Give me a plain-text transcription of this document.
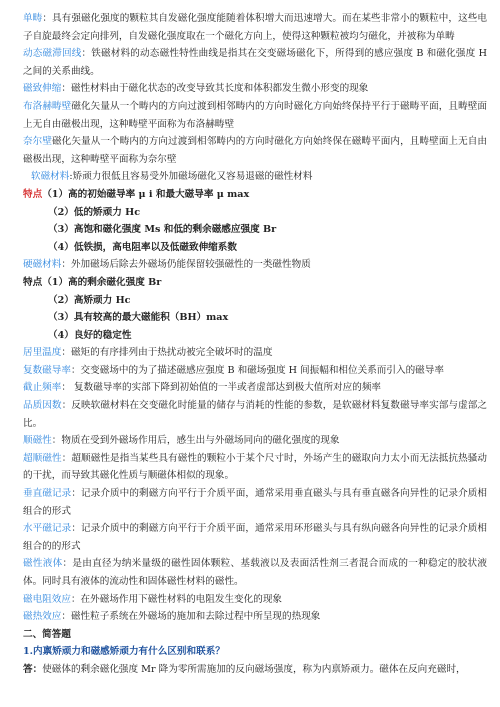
单畴：具有强磁化强度的颗粒其自发磁化强度能随着体积增大而迅速增大。而在某些非常小的颗粒中，这些电子自旋最终会定向排列，自发磁化强度取在一个磁化方向上，使得这种颗粒被均匀磁化，并被称为单畴

动态磁滞回线：铁磁材料的动态磁性特性曲线是指其在交变磁场磁化下，所得到的感应强度 B 和磁化强度 H 之间的关系曲线。

磁致伸缩：磁性材料由于磁化状态的改变导致其长度和体积都发生微小形变的现象

布洛赫畴壁磁化矢量从一个畴内的方向过渡到相邻畴内的方向时磁化方向始终保持平行于磁畴平面，且畴壁面上无自由磁极出现，这种畴壁平面称为布洛赫畴壁

奈尔壁磁化矢量从一个畴内的方向过渡到相邻畴内的方向时磁化方向始终保在磁畴平面内，且畴壁面上无自由磁极出现，这种畴壁平面称为奈尔壁

软磁材料:矫顽力很低且容易受外加磁场磁化又容易退磁的磁性材料

特点（1）高的初始磁导率 μ i 和最大磁导率 μ max

（2）低的矫顽力 Hc

（3）高饱和磁化强度 Ms 和低的剩余磁感应强度 Br

（4）低铁损，高电阻率以及低磁致伸缩系数

硬磁材料：外加磁场后除去外磁场仍能保留较强磁性的一类磁性物质

特点（1）高的剩余磁化强度 Br

（2）高矫顽力 Hc

（3）具有较高的最大磁能积（BH）max

（4）良好的稳定性

居里温度：磁矩的有序排列由于热扰动被完全破坏时的温度

复数磁导率：交变磁场中的为了描述磁感应强度 B 和磁场强度 H 间振幅和相位关系而引入的磁导率

截止频率： 复数磁导率的实部下降到初始值的一半或者虚部达到极大值所对应的频率

品质因数：反映软磁材料在交变磁化时能量的储存与消耗的性能的参数，是软磁材料复数磁导率实部与虚部之比。

顺磁性：物质在受到外磁场作用后，感生出与外磁场同向的磁化强度的现象

超顺磁性：超顺磁性是指当某些具有磁性的颗粒小于某个尺寸时，外场产生的磁取向力太小而无法抵抗热骚动的干扰，而导致其磁化性质与顺磁体相似的现象。

垂直磁记录：记录介质中的剩磁方向平行于介质平面，通常采用垂直磁头与具有垂直磁各向异性的记录介质相组合的形式

水平磁记录：记录介质中的剩磁方向平行于介质平面，通常采用环形磁头与具有纵向磁各向异性的记录介质相组合的的形式

磁性液体：是由直径为纳米量级的磁性固体颗粒、基载液以及表面活性剂三者混合而成的一种稳定的胶状液体。同时具有液体的流动性和固体磁性材料的磁性。

磁电阻效应：在外磁场作用下磁性材料的电阻发生变化的现象

磁热效应：磁性粒子系统在外磁场的施加和去除过程中所呈现的热现象

二、简答题

1.内禀矫顽力和磁感矫顽力有什么区别和联系？

答：使磁体的剩余磁化强度 Mr 降为零所需施加的反向磁场强度，称为内禀矫顽力。磁体在反向充磁时，
